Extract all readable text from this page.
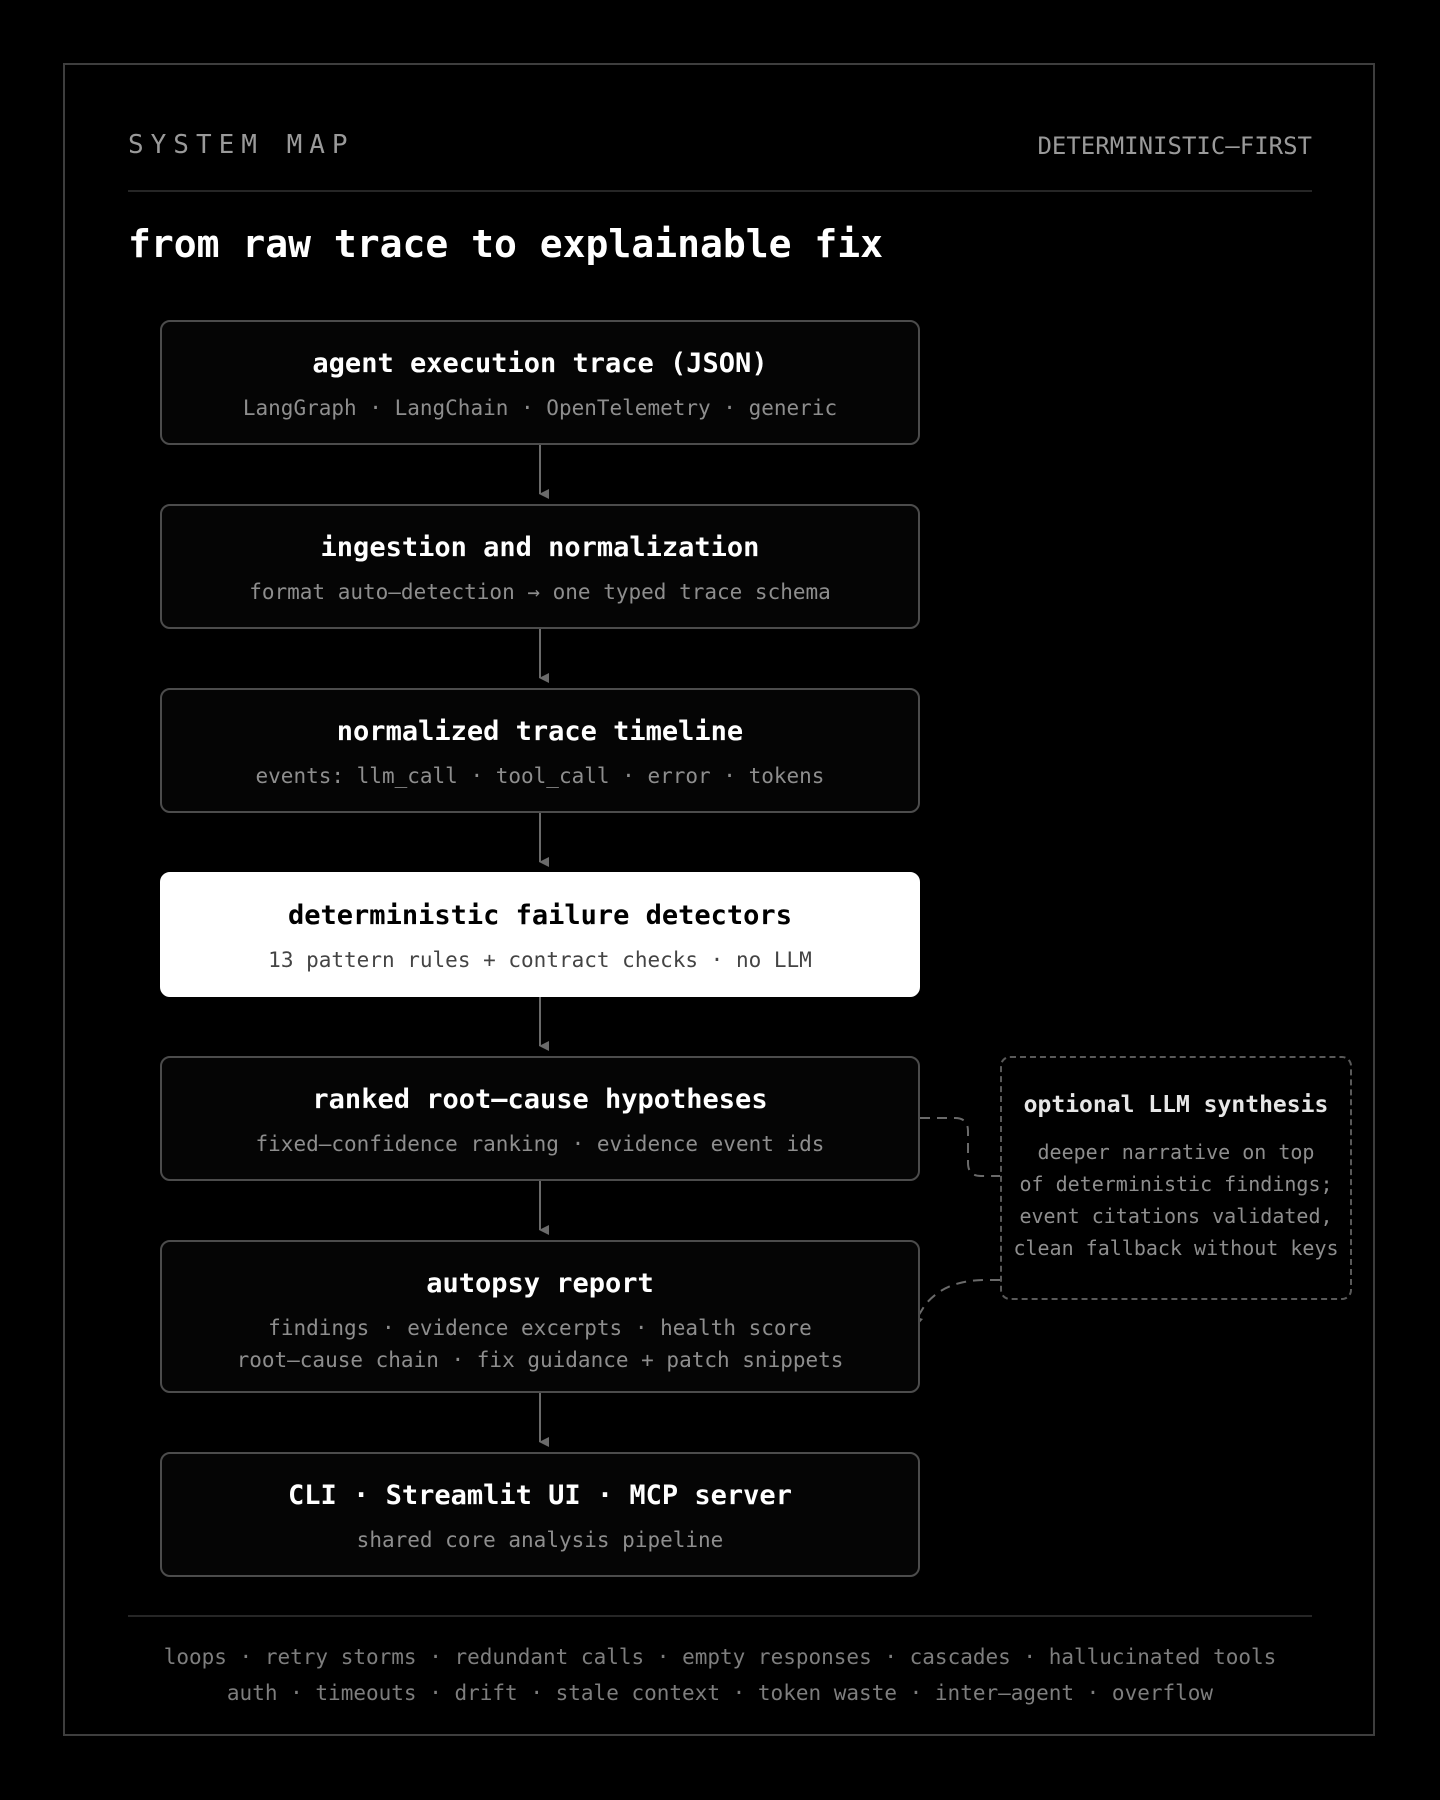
SYSTEM MAP	DETERMINISTIC–FIRST
from raw trace to explainable fix
agent execution trace (JSON)
LangGraph · LangChain · OpenTelemetry · generic
ingestion and normalization
format auto–detection → one typed trace schema
normalized trace timeline
events: llm_call · tool_call · error · tokens
deterministic failure detectors
13 pattern rules + contract checks · no LLM
ranked root–cause hypotheses
fixed–confidence ranking · evidence event ids
autopsy report
findings · evidence excerpts · health score
root–cause chain · fix guidance + patch snippets
CLI · Streamlit UI · MCP server
shared core analysis pipeline
optional LLM synthesis
deeper narrative on top
of deterministic findings;
event citations validated,
clean fallback without keys
loops · retry storms · redundant calls · empty responses · cascades · hallucinated tools
auth · timeouts · drift · stale context · token waste · inter–agent · overflow
